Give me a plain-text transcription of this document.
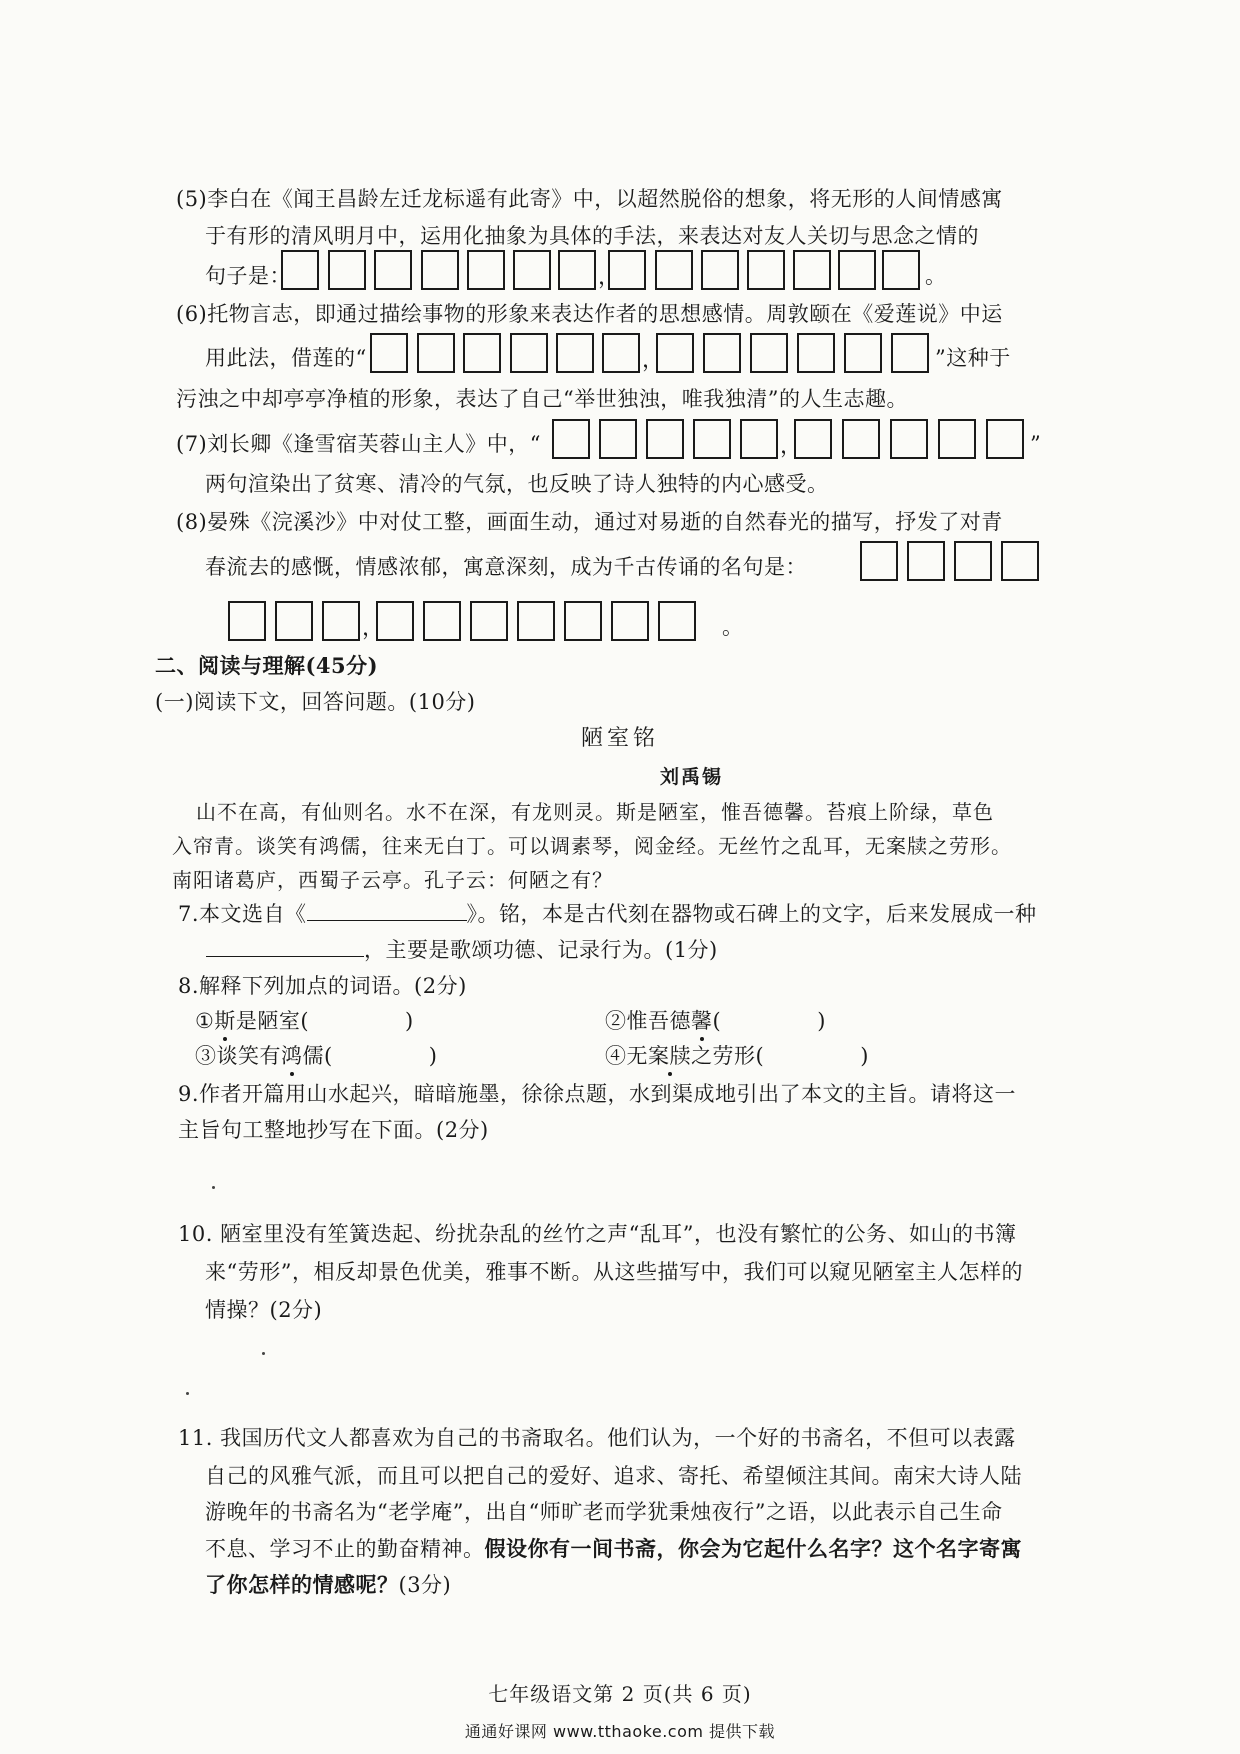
(5)李白在《闻王昌龄左迁龙标遥有此寄》中，以超然脱俗的想象，将无形的人间情感寓
于有形的清风明月中，运用化抽象为具体的手法，来表达对友人关切与思念之情的
句子是：	，	。
(6)托物言志，即通过描绘事物的形象来表达作者的思想感情。周敦颐在《爱莲说》中运
用此法，借莲的“	，	”这种于
污浊之中却亭亭净植的形象，表达了自己“举世独浊，唯我独清”的人生志趣。
(7)刘长卿《逢雪宿芙蓉山主人》中，“	，	”
两句渲染出了贫寒、清冷的气氛，也反映了诗人独特的内心感受。
(8)晏殊《浣溪沙》中对仗工整，画面生动，通过对易逝的自然春光的描写，抒发了对青
春流去的感慨，情感浓郁，寓意深刻，成为千古传诵的名句是：
，	。
二、阅读与理解(45分)
(一)阅读下文，回答问题。(10分)
陋室铭
刘禹锡
山不在高，有仙则名。水不在深，有龙则灵。斯是陋室，惟吾德馨。苔痕上阶绿，草色
入帘青。谈笑有鸿儒，往来无白丁。可以调素琴，阅金经。无丝竹之乱耳，无案牍之劳形。
南阳诸葛庐，西蜀子云亭。孔子云：何陋之有？
7.本文选自《	》。铭，本是古代刻在器物或石碑上的文字，后来发展成一种
，主要是歌颂功德、记录行为。(1分)
8.解释下列加点的词语。(2分)
①斯是陋室(	)	②惟吾德馨(	)
③谈笑有鸿儒(	)	④无案牍之劳形(	)
9.作者开篇用山水起兴，暗暗施墨，徐徐点题，水到渠成地引出了本文的主旨。请将这一
主旨句工整地抄写在下面。(2分)
10. 陋室里没有笙簧迭起、纷扰杂乱的丝竹之声“乱耳”，也没有繁忙的公务、如山的书簿
来“劳形”，相反却景色优美，雅事不断。从这些描写中，我们可以窥见陋室主人怎样的
情操？(2分)
11. 我国历代文人都喜欢为自己的书斋取名。他们认为，一个好的书斋名，不但可以表露
自己的风雅气派，而且可以把自己的爱好、追求、寄托、希望倾注其间。南宋大诗人陆
游晚年的书斋名为“老学庵”，出自“师旷老而学犹秉烛夜行”之语，以此表示自己生命
不息、学习不止的勤奋精神。假设你有一间书斋，你会为它起什么名字？这个名字寄寓
了你怎样的情感呢？(3分)
七年级语文第 2 页(共 6 页)
通通好课网 www.tthaoke.com 提供下载
